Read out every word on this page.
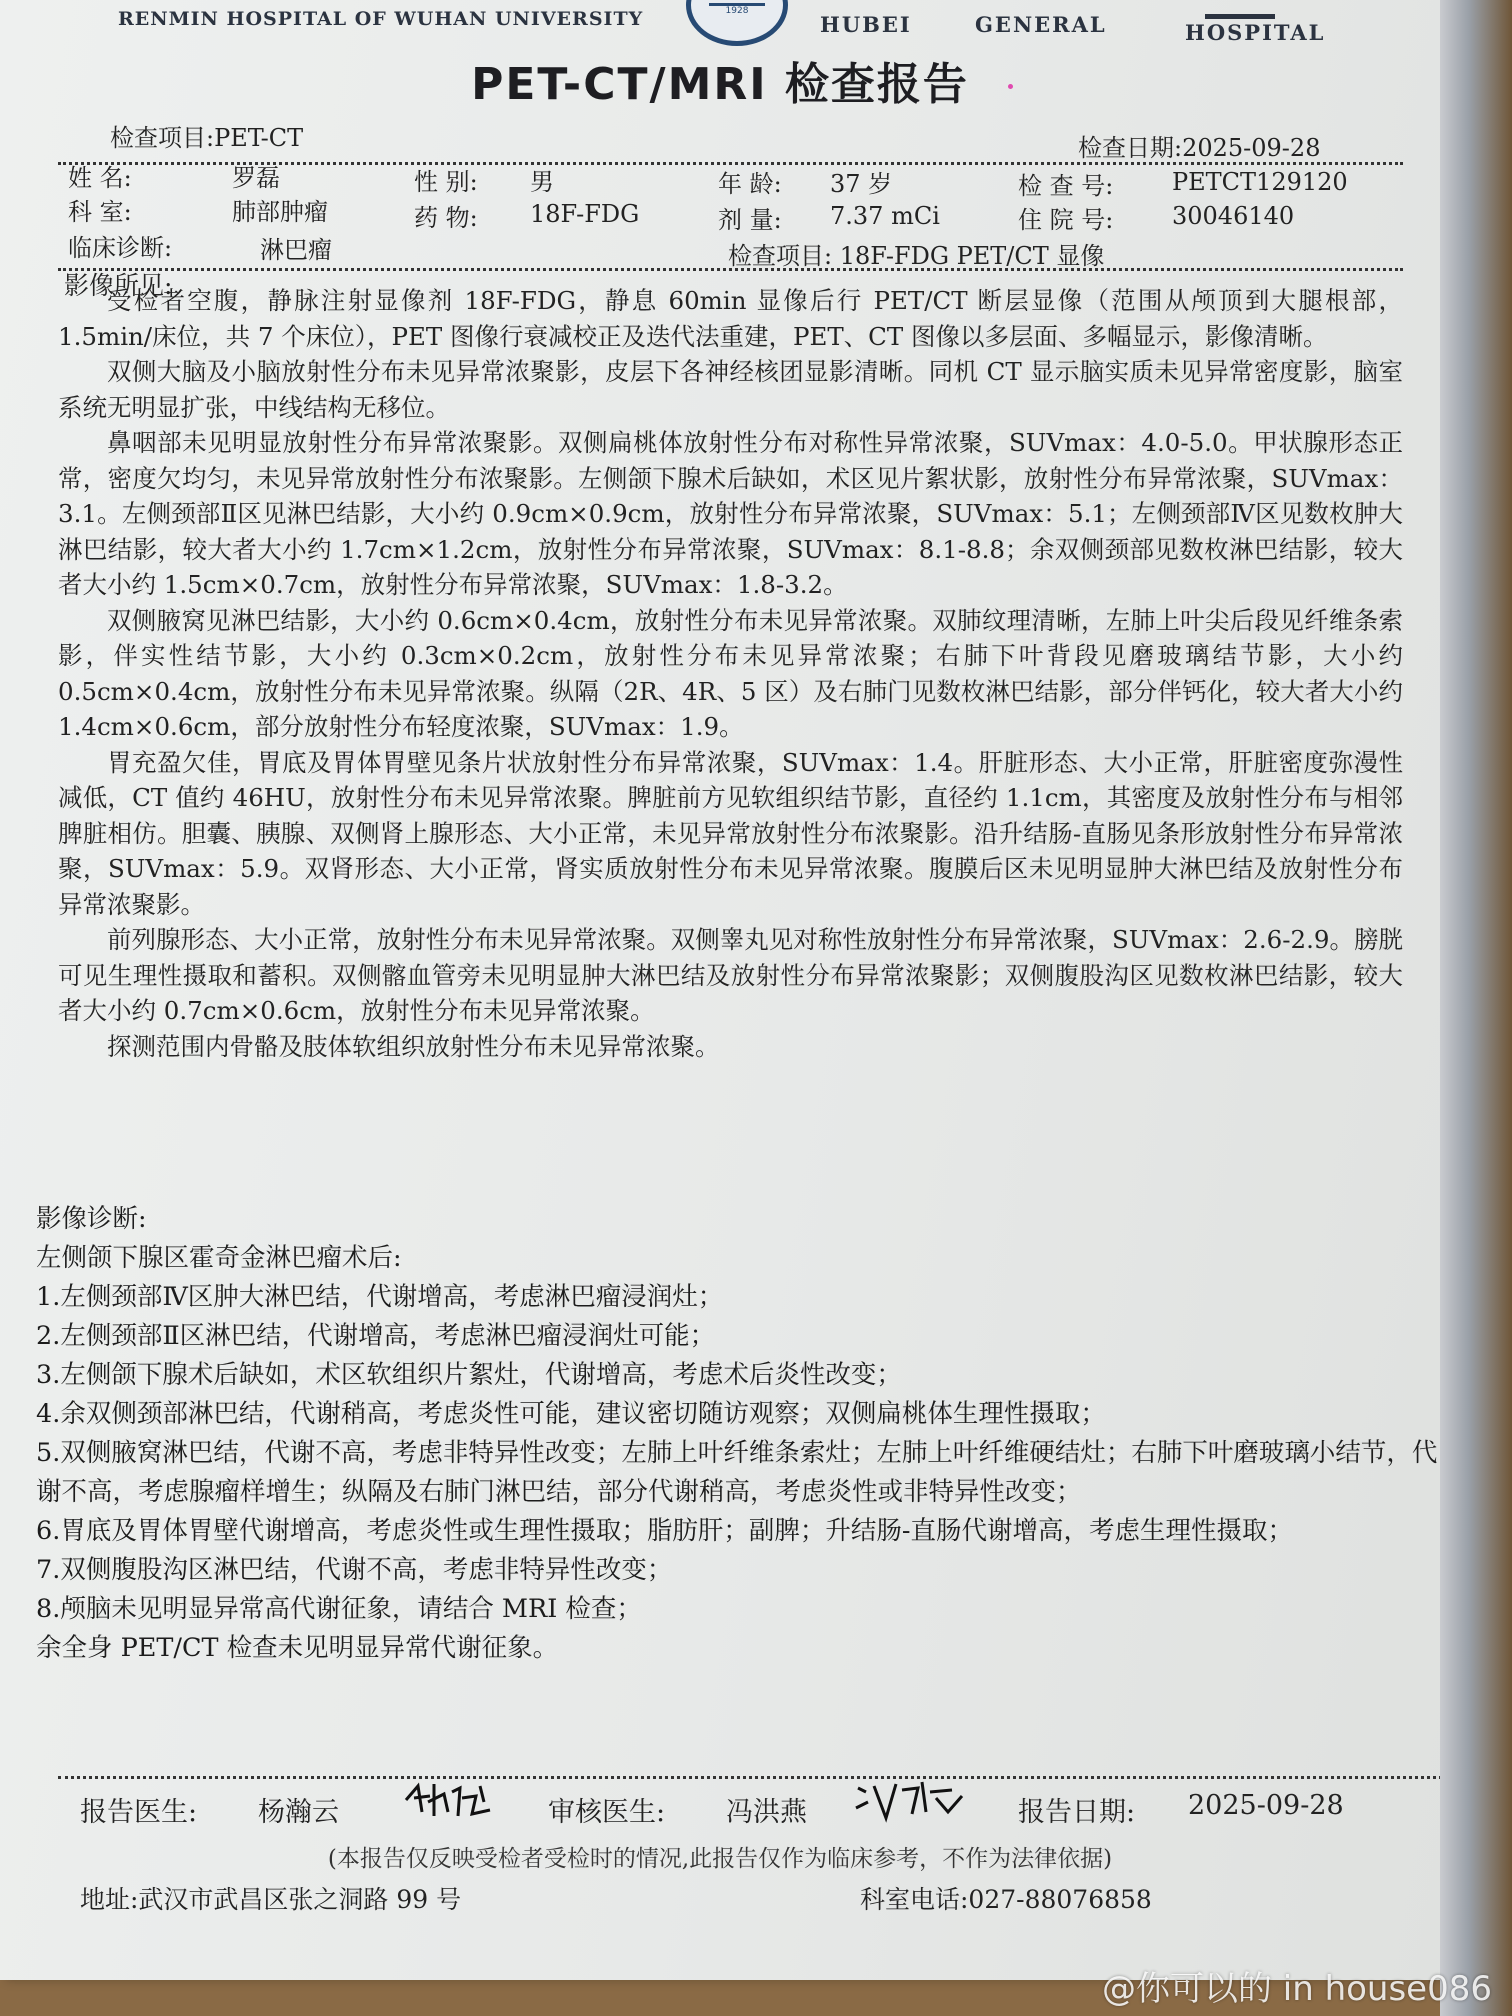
RENMIN HOSPITAL OF WUHAN UNIVERSITY	1928
HUBEI	GENERAL	HOSPITAL
PET-CT/MRI 检查报告
检查项目:PET-CT	检查日期:2025-09-28
姓 名:	罗磊	性 别: 男	年 龄: 37 岁	检 查 号: PETCT129120
科 室:	肺部肿瘤	药 物: 18F-FDG	剂 量: 7.37 mCi	住 院 号: 30046140
临床诊断:	淋巴瘤	检查项目: 18F-FDG PET/CT 显像
影像所见:

受检者空腹，静脉注射显像剂 18F-FDG，静息 60min 显像后行 PET/CT 断层显像（范围从颅顶到大腿根部，1.5min/床位，共 7 个床位），PET 图像行衰减校正及迭代法重建，PET、CT 图像以多层面、多幅显示，影像清晰。

双侧大脑及小脑放射性分布未见异常浓聚影，皮层下各神经核团显影清晰。同机 CT 显示脑实质未见异常密度影，脑室系统无明显扩张，中线结构无移位。

鼻咽部未见明显放射性分布异常浓聚影。双侧扁桃体放射性分布对称性异常浓聚，SUVmax：4.0-5.0。甲状腺形态正常，密度欠均匀，未见异常放射性分布浓聚影。左侧颌下腺术后缺如，术区见片絮状影，放射性分布异常浓聚，SUVmax：3.1。左侧颈部Ⅱ区见淋巴结影，大小约 0.9cm×0.9cm，放射性分布异常浓聚，SUVmax：5.1；左侧颈部Ⅳ区见数枚肿大淋巴结影，较大者大小约 1.7cm×1.2cm，放射性分布异常浓聚，SUVmax：8.1-8.8；余双侧颈部见数枚淋巴结影，较大者大小约 1.5cm×0.7cm，放射性分布异常浓聚，SUVmax：1.8-3.2。

双侧腋窝见淋巴结影，大小约 0.6cm×0.4cm，放射性分布未见异常浓聚。双肺纹理清晰，左肺上叶尖后段见纤维条索影，伴实性结节影，大小约 0.3cm×0.2cm，放射性分布未见异常浓聚；右肺下叶背段见磨玻璃结节影，大小约 0.5cm×0.4cm，放射性分布未见异常浓聚。纵隔（2R、4R、5 区）及右肺门见数枚淋巴结影，部分伴钙化，较大者大小约 1.4cm×0.6cm，部分放射性分布轻度浓聚，SUVmax：1.9。

胃充盈欠佳，胃底及胃体胃壁见条片状放射性分布异常浓聚，SUVmax：1.4。肝脏形态、大小正常，肝脏密度弥漫性减低，CT 值约 46HU，放射性分布未见异常浓聚。脾脏前方见软组织结节影，直径约 1.1cm，其密度及放射性分布与相邻脾脏相仿。胆囊、胰腺、双侧肾上腺形态、大小正常，未见异常放射性分布浓聚影。沿升结肠-直肠见条形放射性分布异常浓聚，SUVmax：5.9。双肾形态、大小正常，肾实质放射性分布未见异常浓聚。腹膜后区未见明显肿大淋巴结及放射性分布异常浓聚影。

前列腺形态、大小正常，放射性分布未见异常浓聚。双侧睾丸见对称性放射性分布异常浓聚，SUVmax：2.6-2.9。膀胱可见生理性摄取和蓄积。双侧髂血管旁未见明显肿大淋巴结及放射性分布异常浓聚影；双侧腹股沟区见数枚淋巴结影，较大者大小约 0.7cm×0.6cm，放射性分布未见异常浓聚。

探测范围内骨骼及肢体软组织放射性分布未见异常浓聚。

影像诊断:
左侧颌下腺区霍奇金淋巴瘤术后:
1.左侧颈部Ⅳ区肿大淋巴结，代谢增高，考虑淋巴瘤浸润灶；
2.左侧颈部Ⅱ区淋巴结，代谢增高，考虑淋巴瘤浸润灶可能；
3.左侧颌下腺术后缺如，术区软组织片絮灶，代谢增高，考虑术后炎性改变；
4.余双侧颈部淋巴结，代谢稍高，考虑炎性可能，建议密切随访观察；双侧扁桃体生理性摄取；
5.双侧腋窝淋巴结，代谢不高，考虑非特异性改变；左肺上叶纤维条索灶；左肺上叶纤维硬结灶；右肺下叶磨玻璃小结节，代谢不高，考虑腺瘤样增生；纵隔及右肺门淋巴结，部分代谢稍高，考虑炎性或非特异性改变；
6.胃底及胃体胃壁代谢增高，考虑炎性或生理性摄取；脂肪肝；副脾；升结肠-直肠代谢增高，考虑生理性摄取；
7.双侧腹股沟区淋巴结，代谢不高，考虑非特异性改变；
8.颅脑未见明显异常高代谢征象，请结合 MRI 检查；
余全身 PET/CT 检查未见明显异常代谢征象。
报告医生: 杨瀚云	审核医生: 冯洪燕	报告日期: 2025-09-28
(本报告仅反映受检者受检时的情况,此报告仅作为临床参考，不作为法律依据)
地址:武汉市武昌区张之洞路 99 号	科室电话:027-88076858
@你可以的 in house086
